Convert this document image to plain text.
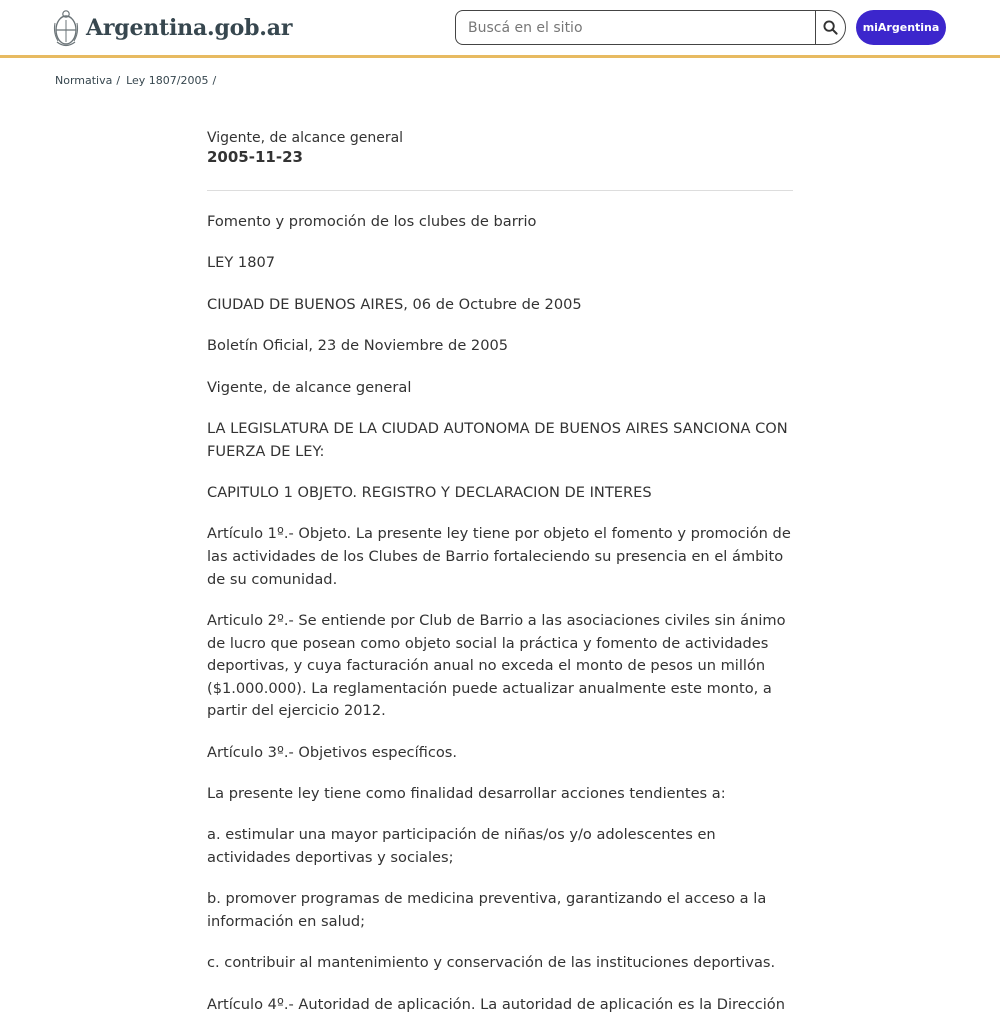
Argentina.gob.ar
Buscá en el sitio	miArgentina
Normativa / Ley 1807/2005 /
Vigente, de alcance general
2005-11-23

Fomento y promoción de los clubes de barrio

LEY 1807

CIUDAD DE BUENOS AIRES, 06 de Octubre de 2005

Boletín Oficial, 23 de Noviembre de 2005

Vigente, de alcance general

LA LEGISLATURA DE LA CIUDAD AUTONOMA DE BUENOS AIRES SANCIONA CON FUERZA DE LEY:

CAPITULO 1 OBJETO. REGISTRO Y DECLARACION DE INTERES

Artículo 1º.- Objeto. La presente ley tiene por objeto el fomento y promoción de las actividades de los Clubes de Barrio fortaleciendo su presencia en el ámbito de su comunidad.

Articulo 2º.- Se entiende por Club de Barrio a las asociaciones civiles sin ánimo de lucro que posean como objeto social la práctica y fomento de actividades deportivas, y cuya facturación anual no exceda el monto de pesos un millón ($1.000.000). La reglamentación puede actualizar anualmente este monto, a partir del ejercicio 2012.

Artículo 3º.- Objetivos específicos.

La presente ley tiene como finalidad desarrollar acciones tendientes a:

a. estimular una mayor participación de niñas/os y/o adolescentes en actividades deportivas y sociales;

b. promover programas de medicina preventiva, garantizando el acceso a la información en salud;

c. contribuir al mantenimiento y conservación de las instituciones deportivas.

Artículo 4º.- Autoridad de aplicación. La autoridad de aplicación es la Dirección
